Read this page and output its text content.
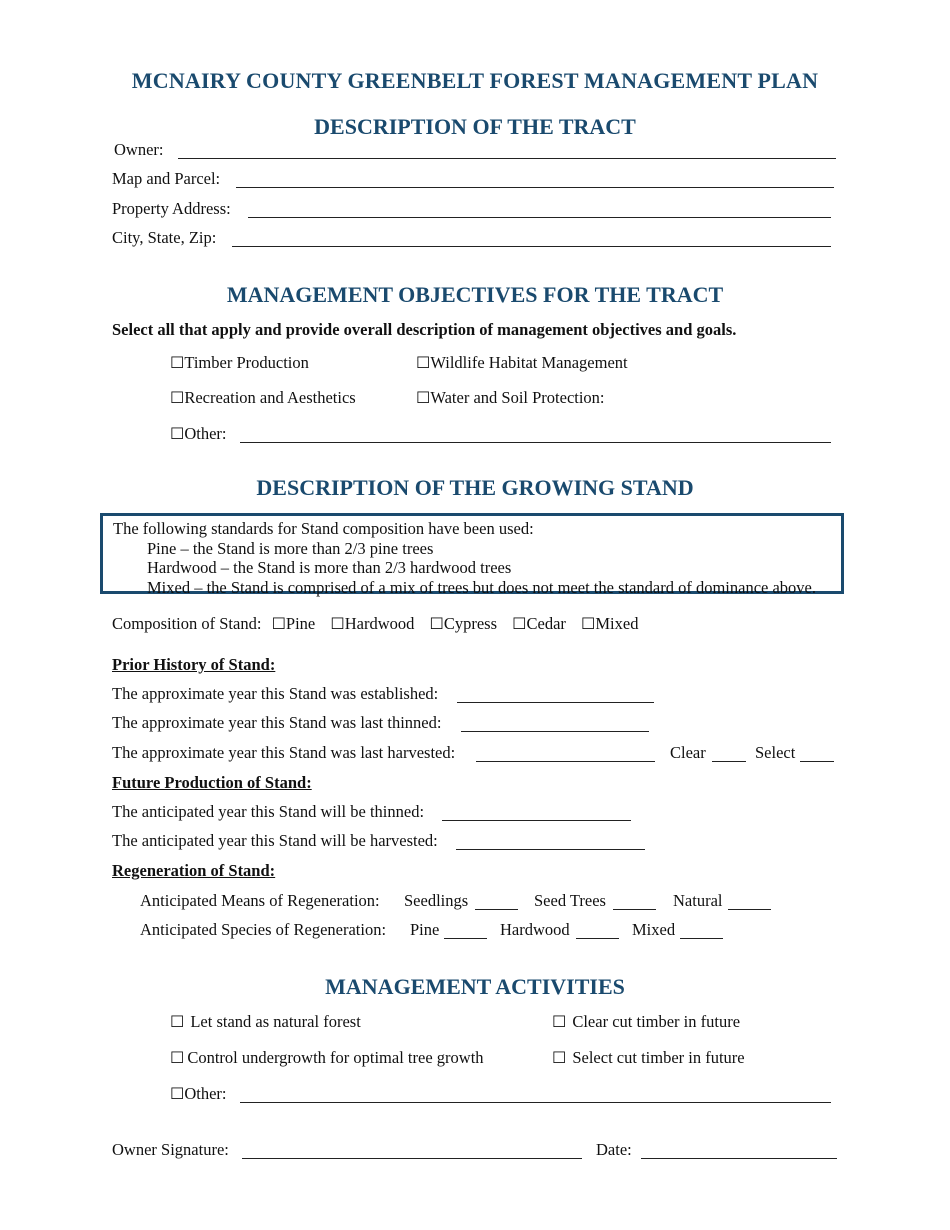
MCNAIRY COUNTY GREENBELT FOREST MANAGEMENT PLAN
DESCRIPTION OF THE TRACT
Owner:
Map and Parcel:
Property Address:
City, State, Zip:
MANAGEMENT OBJECTIVES FOR THE TRACT
Select all that apply and provide overall description of management objectives and goals.
☐Timber Production	☐Wildlife Habitat Management
☐Recreation and Aesthetics	☐Water and Soil Protection:
☐Other:
DESCRIPTION OF THE GROWING STAND
The following standards for Stand composition have been used:
Pine – the Stand is more than 2/3 pine trees
Hardwood – the Stand is more than 2/3 hardwood trees
Mixed – the Stand is comprised of a mix of trees but does not meet the standard of dominance above.
Composition of Stand: ☐Pine ☐Hardwood ☐Cypress ☐Cedar ☐Mixed
Prior History of Stand:
The approximate year this Stand was established:
The approximate year this Stand was last thinned:
The approximate year this Stand was last harvested:	Clear	Select
Future Production of Stand:
The anticipated year this Stand will be thinned:
The anticipated year this Stand will be harvested:
Regeneration of Stand:
Anticipated Means of Regeneration: Seedlings	Seed Trees	Natural
Anticipated Species of Regeneration: Pine	Hardwood	Mixed
MANAGEMENT ACTIVITIES
☐ Let stand as natural forest	☐ Clear cut timber in future
☐ Control undergrowth for optimal tree growth	☐ Select cut timber in future
☐Other:
Owner Signature:	Date:
